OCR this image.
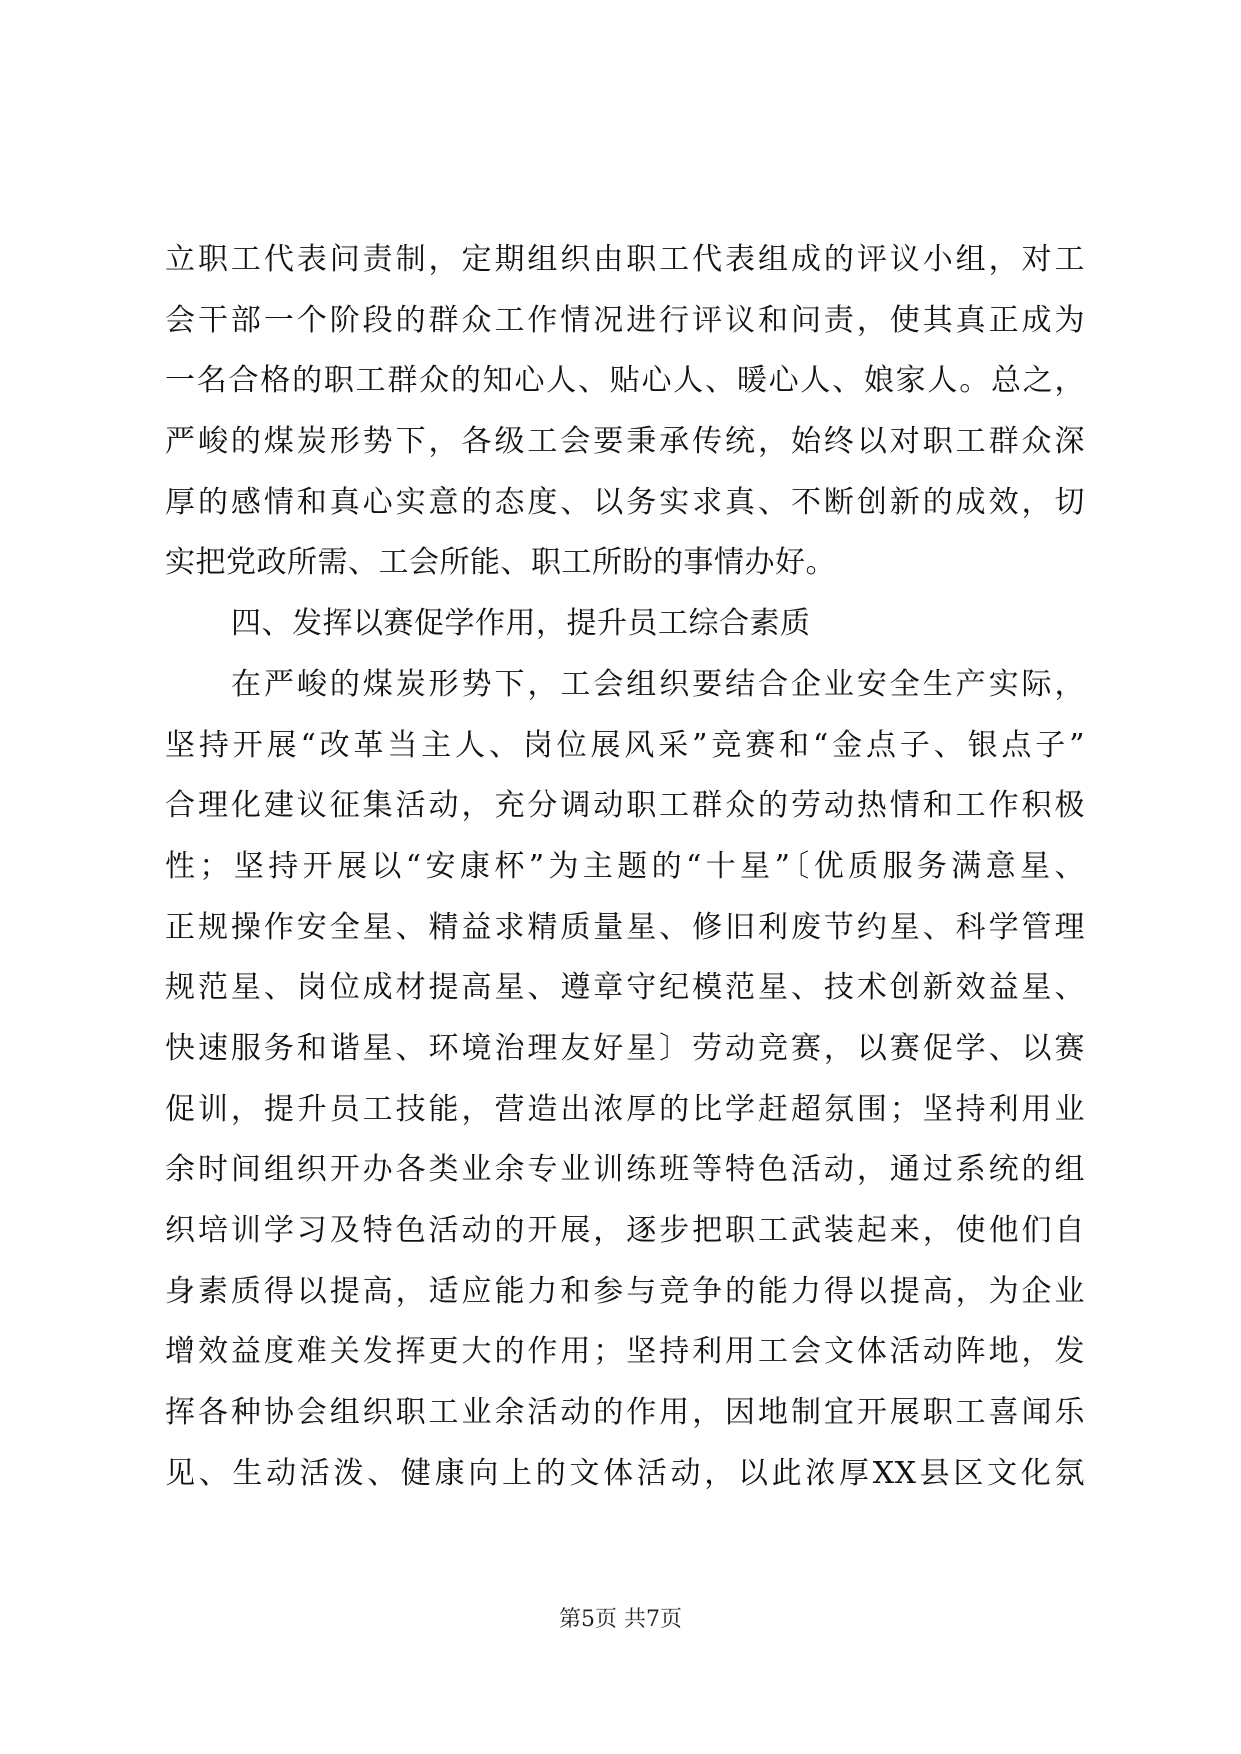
立职工代表问责制，定期组织由职工代表组成的评议小组，对工
会干部一个阶段的群众工作情况进行评议和问责，使其真正成为
一名合格的职工群众的知心人、贴心人、暖心人、娘家人。总之，
严峻的煤炭形势下，各级工会要秉承传统，始终以对职工群众深
厚的感情和真心实意的态度、以务实求真、不断创新的成效，切
实把党政所需、工会所能、职工所盼的事情办好。
四、发挥以赛促学作用，提升员工综合素质
在严峻的煤炭形势下，工会组织要结合企业安全生产实际，
坚持开展“改革当主人、岗位展风采”竞赛和“金点子、银点子”
合理化建议征集活动，充分调动职工群众的劳动热情和工作积极
性；坚持开展以“安康杯”为主题的“十星”〔优质服务满意星、
正规操作安全星、精益求精质量星、修旧利废节约星、科学管理
规范星、岗位成材提高星、遵章守纪模范星、技术创新效益星、
快速服务和谐星、环境治理友好星〕劳动竞赛，以赛促学、以赛
促训，提升员工技能，营造出浓厚的比学赶超氛围；坚持利用业
余时间组织开办各类业余专业训练班等特色活动，通过系统的组
织培训学习及特色活动的开展，逐步把职工武装起来，使他们自
身素质得以提高，适应能力和参与竞争的能力得以提高，为企业
增效益度难关发挥更大的作用；坚持利用工会文体活动阵地，发
挥各种协会组织职工业余活动的作用，因地制宜开展职工喜闻乐
见、生动活泼、健康向上的文体活动，以此浓厚XX县区文化氛
第5页 共7页
